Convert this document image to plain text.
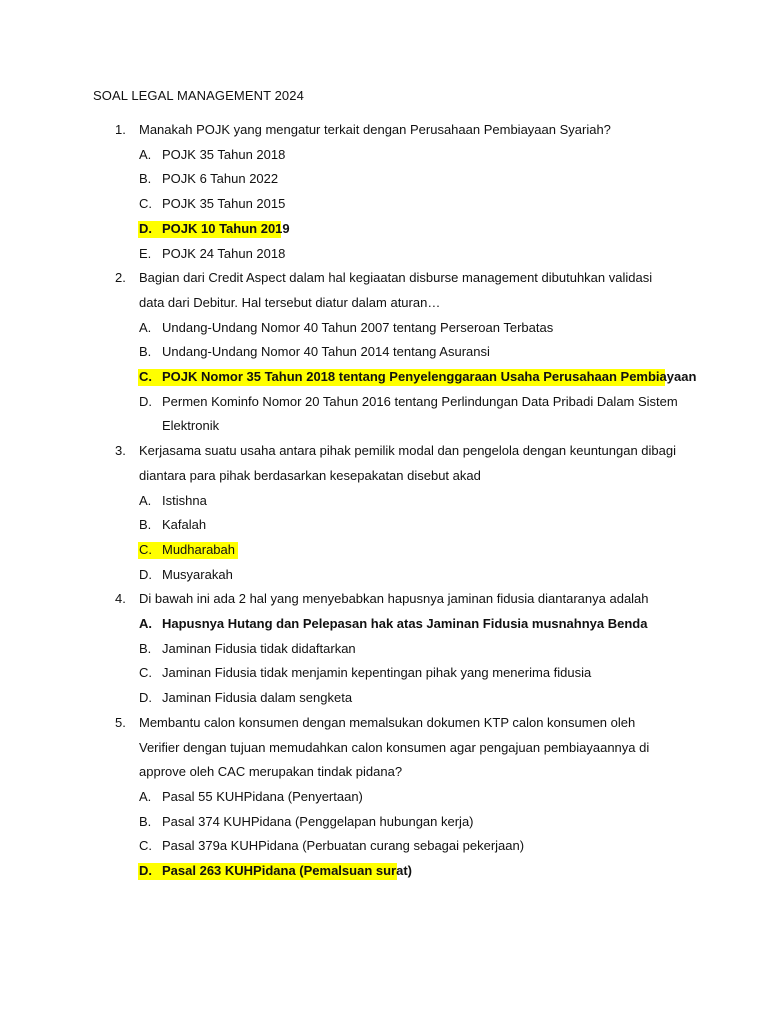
SOAL LEGAL MANAGEMENT 2024
1. Manakah POJK yang mengatur terkait dengan Perusahaan Pembiayaan Syariah?
A. POJK 35 Tahun 2018
B. POJK 6 Tahun 2022
C. POJK 35 Tahun 2015
D. POJK 10 Tahun 2019
E. POJK 24 Tahun 2018
2. Bagian dari Credit Aspect dalam hal kegiaatan disburse management dibutuhkan validasi data dari Debitur. Hal tersebut diatur dalam aturan…
A. Undang-Undang Nomor 40 Tahun 2007 tentang Perseroan Terbatas
B. Undang-Undang Nomor 40 Tahun 2014 tentang Asuransi
C. POJK Nomor 35 Tahun 2018 tentang Penyelenggaraan Usaha Perusahaan Pembiayaan
D. Permen Kominfo Nomor 20 Tahun 2016 tentang Perlindungan Data Pribadi Dalam Sistem Elektronik
3. Kerjasama suatu usaha antara pihak pemilik modal dan pengelola dengan keuntungan dibagi diantara para pihak berdasarkan kesepakatan disebut akad
A. Istishna
B. Kafalah
C. Mudharabah
D. Musyarakah
4. Di bawah ini ada 2 hal yang menyebabkan hapusnya jaminan fidusia diantaranya adalah
A. Hapusnya Hutang dan Pelepasan hak atas Jaminan Fidusia musnahnya Benda
B. Jaminan Fidusia tidak didaftarkan
C. Jaminan Fidusia tidak menjamin kepentingan pihak yang menerima fidusia
D. Jaminan Fidusia dalam sengketa
5. Membantu calon konsumen dengan memalsukan dokumen KTP calon konsumen oleh Verifier dengan tujuan memudahkan calon konsumen agar pengajuan pembiayaannya di approve oleh CAC merupakan tindak pidana?
A. Pasal 55 KUHPidana (Penyertaan)
B. Pasal 374 KUHPidana (Penggelapan hubungan kerja)
C. Pasal 379a KUHPidana (Perbuatan curang sebagai pekerjaan)
D. Pasal 263 KUHPidana (Pemalsuan surat)
